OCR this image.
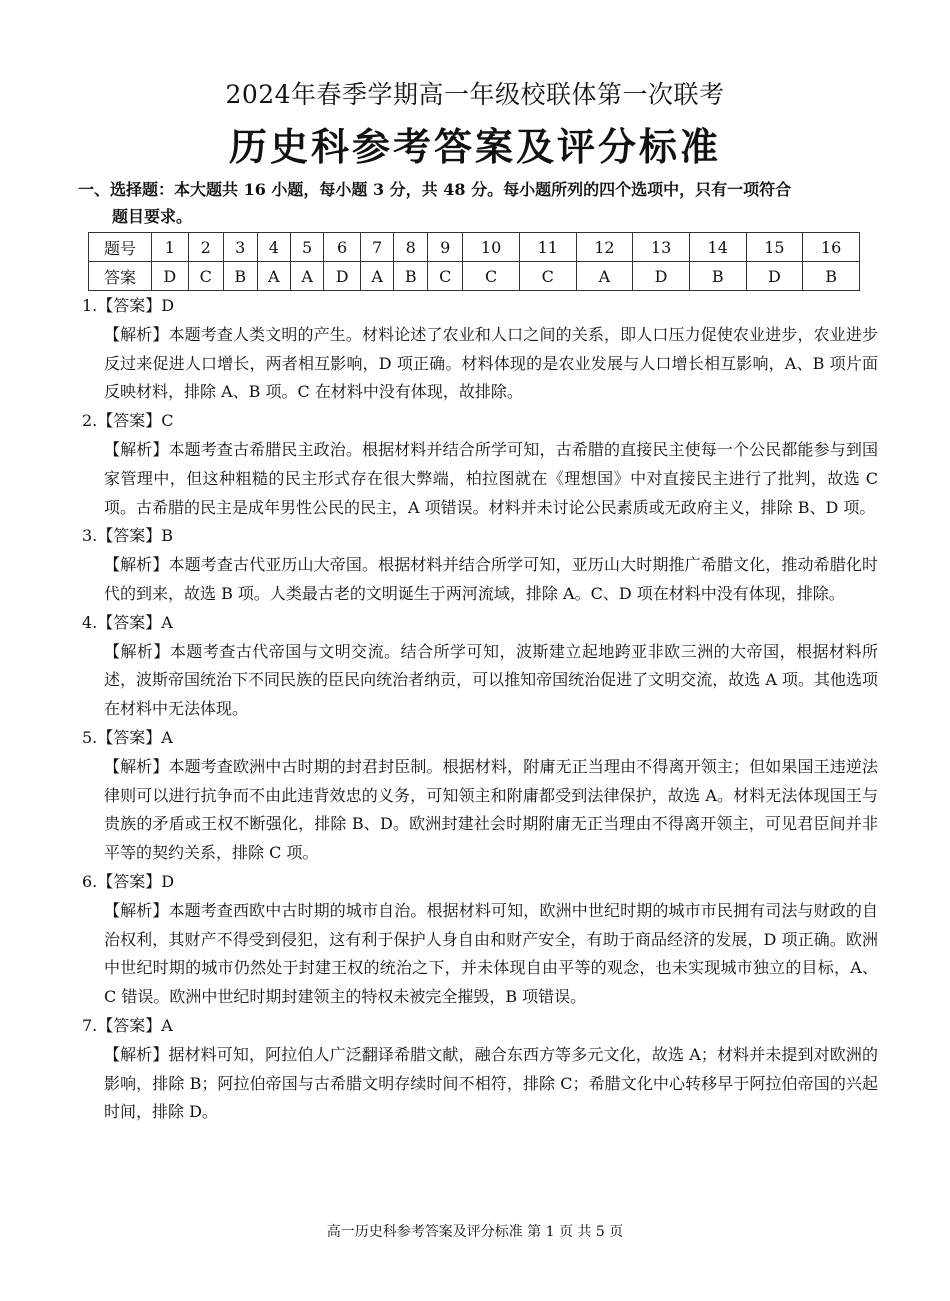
2024年春季学期高一年级校联体第一次联考
历史科参考答案及评分标准
一、选择题：本大题共 16 小题，每小题 3 分，共 48 分。每小题所列的四个选项中，只有一项符合
题目要求。
题号	1	2	3	4	5	6	7	8	9	10	11	12	13	14	15	16
答案	D	C	B	A	A	D	A	B	C	C	C	A	D	B	D	B
1.【答案】D
【解析】本题考查人类文明的产生。材料论述了农业和人口之间的关系，即人口压力促使农业进步，农业进步反过来促进人口增长，两者相互影响，D 项正确。材料体现的是农业发展与人口增长相互影响，A、B 项片面反映材料，排除 A、B 项。C 在材料中没有体现，故排除。
2.【答案】C
【解析】本题考查古希腊民主政治。根据材料并结合所学可知，古希腊的直接民主使每一个公民都能参与到国家管理中，但这种粗糙的民主形式存在很大弊端，柏拉图就在《理想国》中对直接民主进行了批判，故选 C 项。古希腊的民主是成年男性公民的民主，A 项错误。材料并未讨论公民素质或无政府主义，排除 B、D 项。
3.【答案】B
【解析】本题考查古代亚历山大帝国。根据材料并结合所学可知，亚历山大时期推广希腊文化，推动希腊化时代的到来，故选 B 项。人类最古老的文明诞生于两河流域，排除 A。C、D 项在材料中没有体现，排除。
4.【答案】A
【解析】本题考查古代帝国与文明交流。结合所学可知，波斯建立起地跨亚非欧三洲的大帝国，根据材料所述，波斯帝国统治下不同民族的臣民向统治者纳贡，可以推知帝国统治促进了文明交流，故选 A 项。其他选项在材料中无法体现。
5.【答案】A
【解析】本题考查欧洲中古时期的封君封臣制。根据材料，附庸无正当理由不得离开领主；但如果国王违逆法律则可以进行抗争而不由此违背效忠的义务，可知领主和附庸都受到法律保护，故选 A。材料无法体现国王与贵族的矛盾或王权不断强化，排除 B、D。欧洲封建社会时期附庸无正当理由不得离开领主，可见君臣间并非平等的契约关系，排除 C 项。
6.【答案】D
【解析】本题考查西欧中古时期的城市自治。根据材料可知，欧洲中世纪时期的城市市民拥有司法与财政的自治权利，其财产不得受到侵犯，这有利于保护人身自由和财产安全，有助于商品经济的发展，D 项正确。欧洲中世纪时期的城市仍然处于封建王权的统治之下，并未体现自由平等的观念，也未实现城市独立的目标，A、C 错误。欧洲中世纪时期封建领主的特权未被完全摧毁，B 项错误。
7.【答案】A
【解析】据材料可知，阿拉伯人广泛翻译希腊文献，融合东西方等多元文化，故选 A；材料并未提到对欧洲的影响，排除 B；阿拉伯帝国与古希腊文明存续时间不相符，排除 C；希腊文化中心转移早于阿拉伯帝国的兴起时间，排除 D。
高一历史科参考答案及评分标准 第 1 页 共 5 页
